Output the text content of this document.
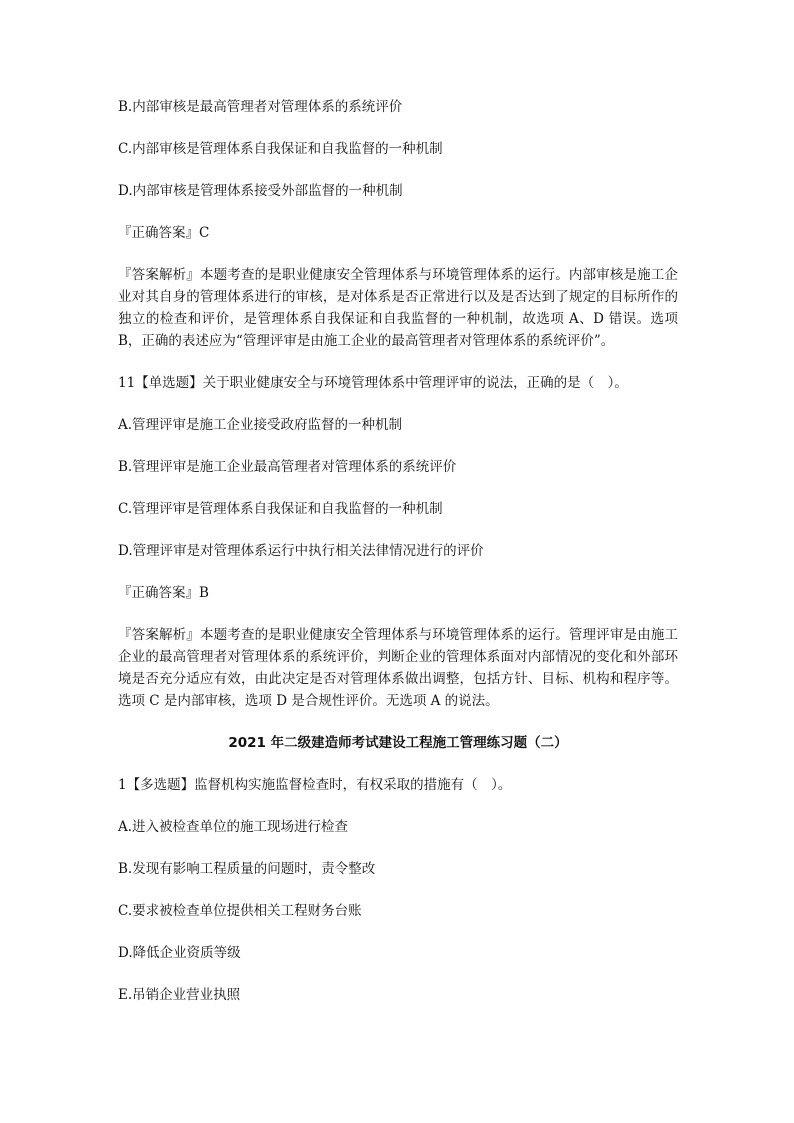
B.内部审核是最高管理者对管理体系的系统评价

C.内部审核是管理体系自我保证和自我监督的一种机制

D.内部审核是管理体系接受外部监督的一种机制

『正确答案』C

『答案解析』本题考查的是职业健康安全管理体系与环境管理体系的运行。内部审核是施工企业对其自身的管理体系进行的审核，是对体系是否正常进行以及是否达到了规定的目标所作的独立的检查和评价，是管理体系自我保证和自我监督的一种机制，故选项 A、D 错误。选项 B，正确的表述应为“管理评审是由施工企业的最高管理者对管理体系的系统评价”。

11【单选题】关于职业健康安全与环境管理体系中管理评审的说法，正确的是（　）。

A.管理评审是施工企业接受政府监督的一种机制

B.管理评审是施工企业最高管理者对管理体系的系统评价

C.管理评审是管理体系自我保证和自我监督的一种机制

D.管理评审是对管理体系运行中执行相关法律情况进行的评价

『正确答案』B

『答案解析』本题考查的是职业健康安全管理体系与环境管理体系的运行。管理评审是由施工企业的最高管理者对管理体系的系统评价，判断企业的管理体系面对内部情况的变化和外部环境是否充分适应有效，由此决定是否对管理体系做出调整，包括方针、目标、机构和程序等。选项 C 是内部审核，选项 D 是合规性评价。无选项 A 的说法。

2021 年二级建造师考试建设工程施工管理练习题（二）

1【多选题】监督机构实施监督检查时，有权采取的措施有（　）。

A.进入被检查单位的施工现场进行检查

B.发现有影响工程质量的问题时，责令整改

C.要求被检查单位提供相关工程财务台账

D.降低企业资质等级

E.吊销企业营业执照
